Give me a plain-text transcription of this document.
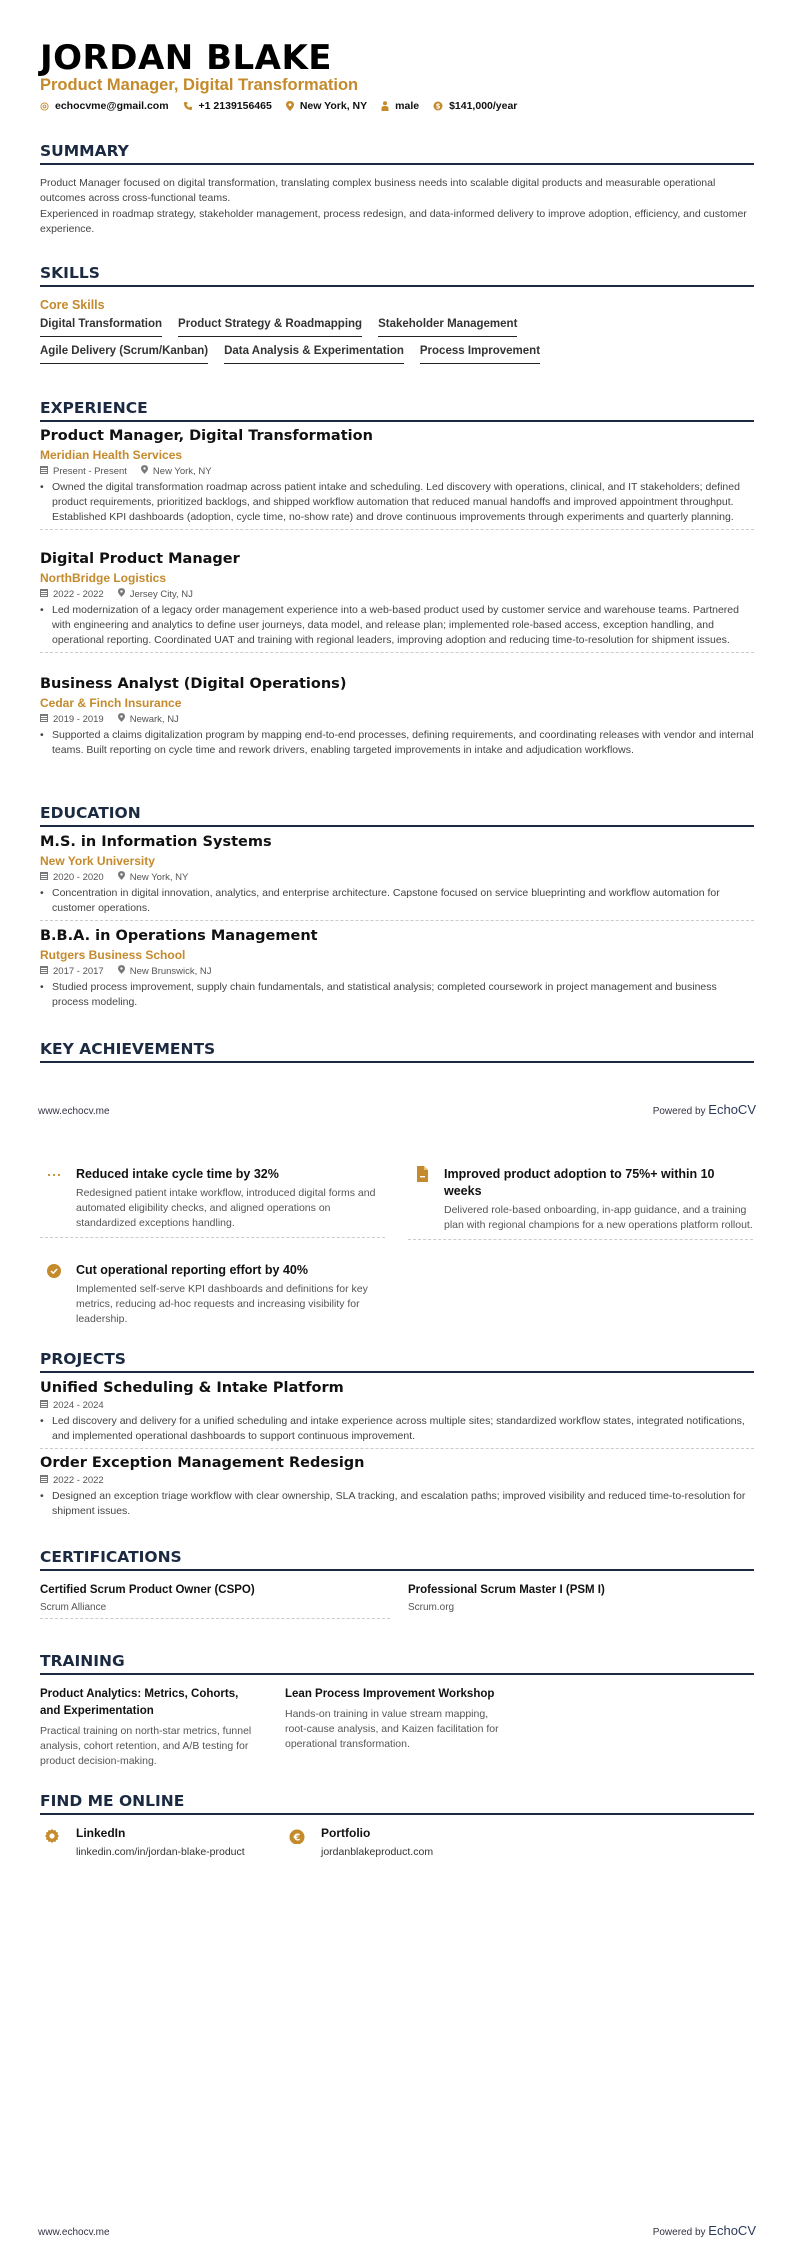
JORDAN BLAKE
Product Manager, Digital Transformation
echocvme@gmail.com	+1 2139156465	New York, NY	male $ $141,000/year
SUMMARY

Product Manager focused on digital transformation, translating complex business needs into scalable digital products and measurable operational outcomes across cross-functional teams.

Experienced in roadmap strategy, stakeholder management, process redesign, and data-informed delivery to improve adoption, efficiency, and customer experience.

SKILLS
Core Skills
Digital Transformation Product Strategy & Roadmapping Stakeholder Management
Agile Delivery (Scrum/Kanban) Data Analysis & Experimentation Process Improvement
EXPERIENCE
Product Manager, Digital Transformation
Meridian Health Services
Present - Present	New York, NY
• Owned the digital transformation roadmap across patient intake and scheduling. Led discovery with operations, clinical, and IT stakeholders; defined product requirements, prioritized backlogs, and shipped workflow automation that reduced manual handoffs and improved appointment throughput. Established KPI dashboards (adoption, cycle time, no-show rate) and drove continuous improvements through experiments and quarterly planning.
Digital Product Manager
NorthBridge Logistics
2022 - 2022	Jersey City, NJ
• Led modernization of a legacy order management experience into a web-based product used by customer service and warehouse teams. Partnered with engineering and analytics to define user journeys, data model, and release plan; implemented role-based access, exception handling, and operational reporting. Coordinated UAT and training with regional leaders, improving adoption and reducing time-to-resolution for shipment issues.
Business Analyst (Digital Operations)
Cedar & Finch Insurance
2019 - 2019	Newark, NJ
• Supported a claims digitalization program by mapping end-to-end processes, defining requirements, and coordinating releases with vendor and internal teams. Built reporting on cycle time and rework drivers, enabling targeted improvements in intake and adjudication workflows.
EDUCATION
M.S. in Information Systems
New York University
2020 - 2020	New York, NY
• Concentration in digital innovation, analytics, and enterprise architecture. Capstone focused on service blueprinting and workflow automation for customer operations.
B.B.A. in Operations Management
Rutgers Business School
2017 - 2017	New Brunswick, NJ
• Studied process improvement, supply chain fundamentals, and statistical analysis; completed coursework in project management and business process modeling.
KEY ACHIEVEMENTS
www.echocv.me	Powered by EchoCV
Reduced intake cycle time by 32%
Redesigned patient intake workflow, introduced digital forms and automated eligibility checks, and aligned operations on standardized exceptions handling.
Improved product adoption to 75%+ within 10 weeks
Delivered role-based onboarding, in-app guidance, and a training plan with regional champions for a new operations platform rollout.
Cut operational reporting effort by 40%
Implemented self-serve KPI dashboards and definitions for key metrics, reducing ad-hoc requests and increasing visibility for leadership.
PROJECTS
Unified Scheduling & Intake Platform
2024 - 2024
• Led discovery and delivery for a unified scheduling and intake experience across multiple sites; standardized workflow states, integrated notifications, and implemented operational dashboards to support continuous improvement.
Order Exception Management Redesign
2022 - 2022
• Designed an exception triage workflow with clear ownership, SLA tracking, and escalation paths; improved visibility and reduced time-to-resolution for shipment issues.
CERTIFICATIONS
Certified Scrum Product Owner (CSPO)
Scrum Alliance
Professional Scrum Master I (PSM I)
Scrum.org
TRAINING
Product Analytics: Metrics, Cohorts, and Experimentation
Practical training on north-star metrics, funnel analysis, cohort retention, and A/B testing for product decision-making.
Lean Process Improvement Workshop
Hands-on training in value stream mapping, root-cause analysis, and Kaizen facilitation for operational transformation.
FIND ME ONLINE
LinkedIn
linkedin.com/in/jordan-blake-product
€ Portfolio
jordanblakeproduct.com
www.echocv.me	Powered by EchoCV
